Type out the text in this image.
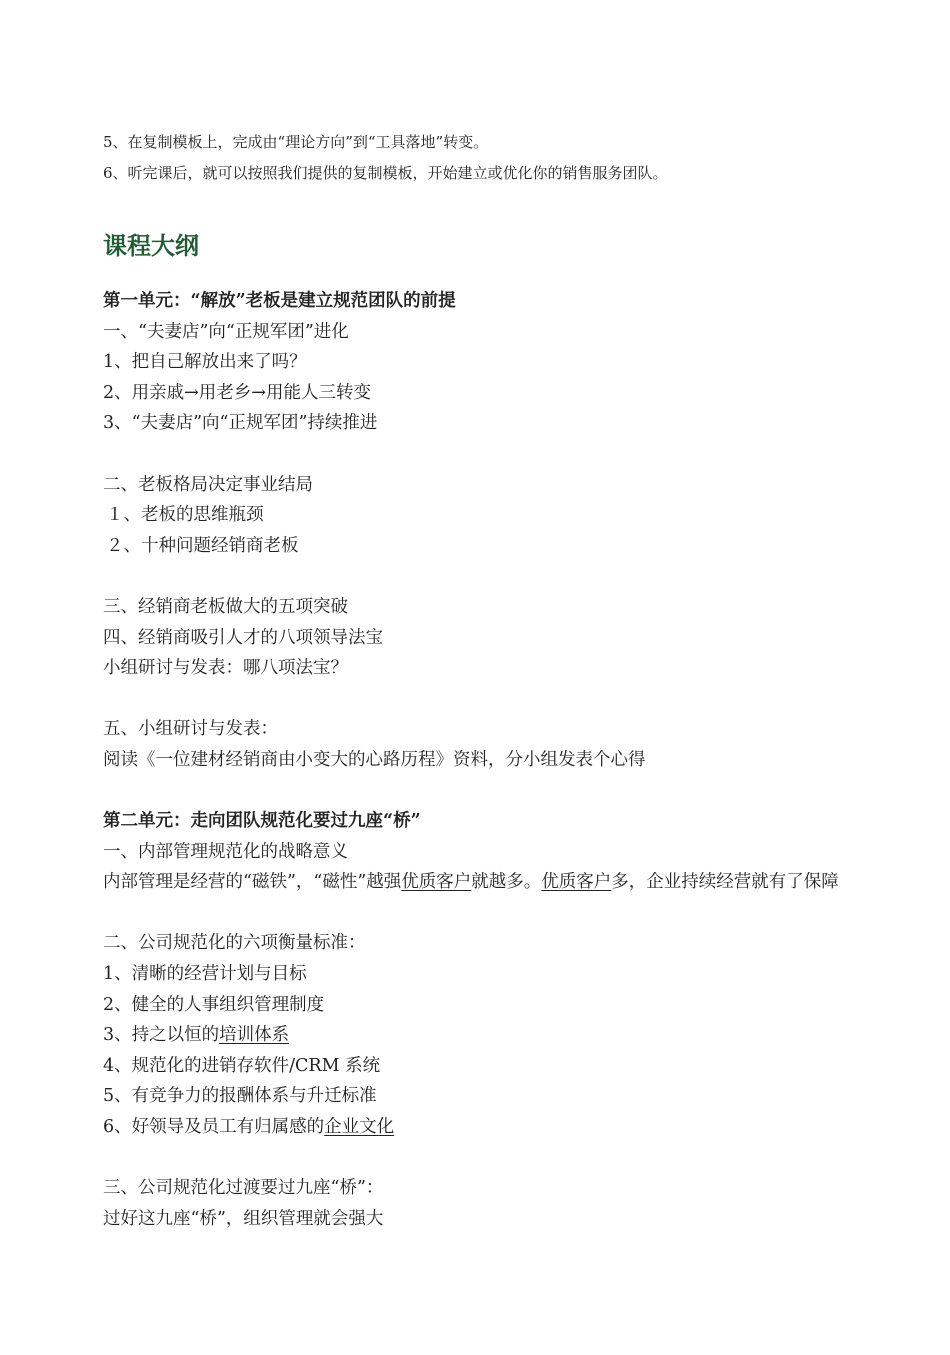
5、在复制模板上，完成由“理论方向”到“工具落地”转变。
6、听完课后，就可以按照我们提供的复制模板，开始建立或优化你的销售服务团队。
课程大纲
第一单元：“解放”老板是建立规范团队的前提
一、“夫妻店”向“正规军团”进化
1、把自己解放出来了吗？
2、用亲戚→用老乡→用能人三转变
3、“夫妻店”向“正规军团”持续推进
二、老板格局决定事业结局
１、老板的思维瓶颈
２、十种问题经销商老板
三、经销商老板做大的五项突破
四、经销商吸引人才的八项领导法宝
小组研讨与发表：哪八项法宝？
五、小组研讨与发表：
阅读《一位建材经销商由小变大的心路历程》资料，分小组发表个心得
第二单元：走向团队规范化要过九座“桥”
一、内部管理规范化的战略意义
内部管理是经营的“磁铁”，“磁性”越强优质客户就越多。优质客户多，企业持续经营就有了保障
二、公司规范化的六项衡量标准：
1、清晰的经营计划与目标
2、健全的人事组织管理制度
3、持之以恒的培训体系
4、规范化的进销存软件/CRM 系统
5、有竞争力的报酬体系与升迁标准
6、好领导及员工有归属感的企业文化
三、公司规范化过渡要过九座“桥”：
过好这九座“桥”，组织管理就会强大
